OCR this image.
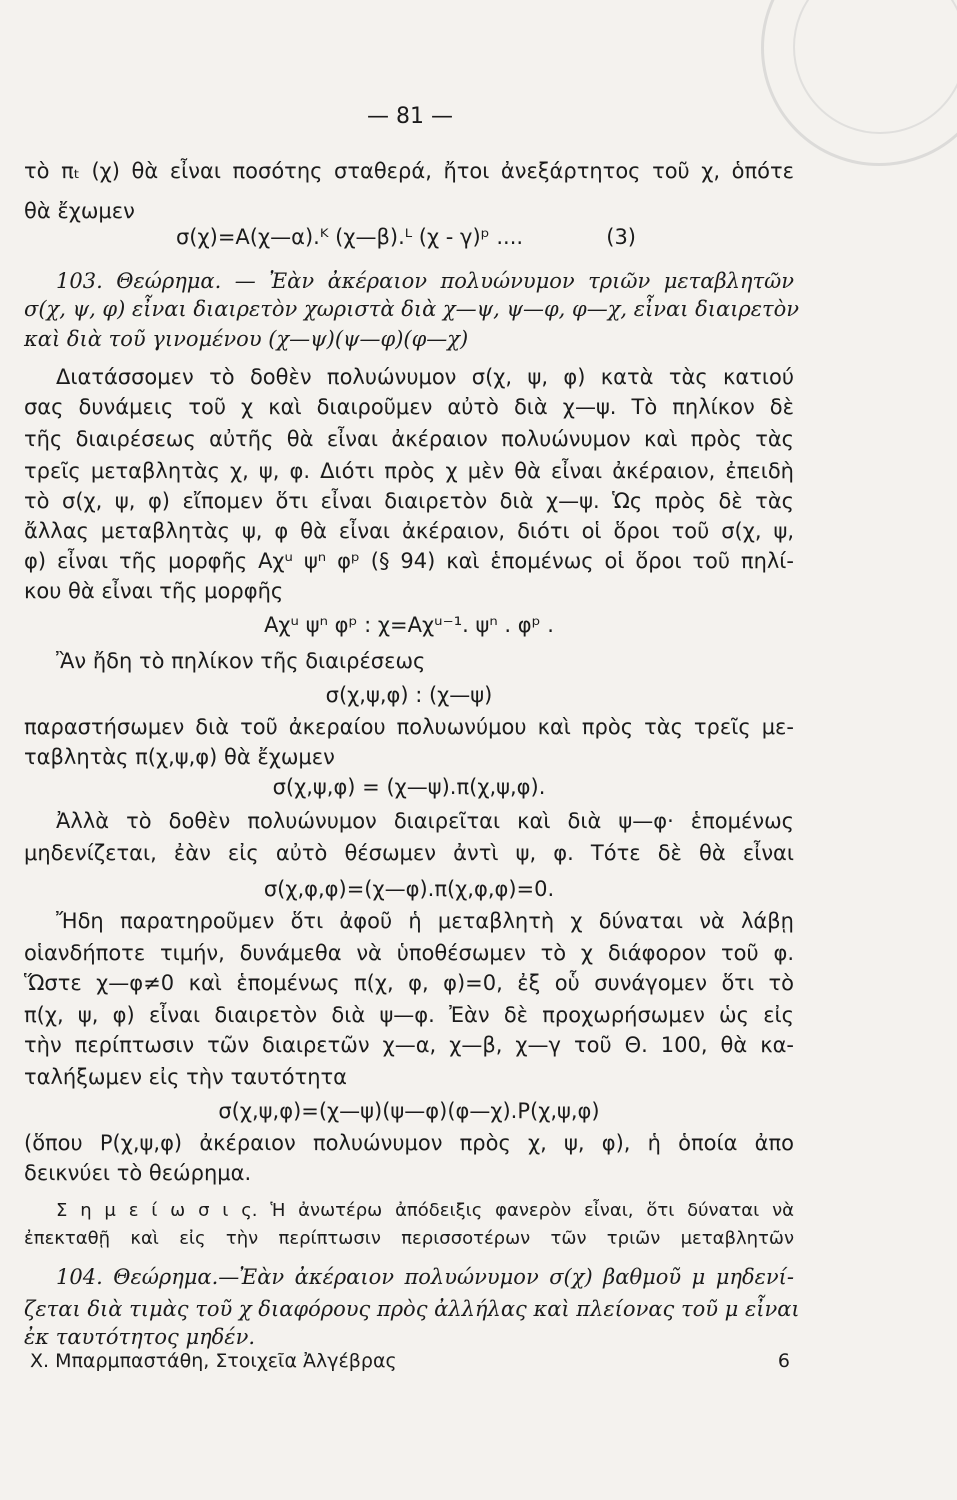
— 81 —
τὸ πₜ (χ) θὰ εἶναι ποσότης σταθερά, ἤτοι ἀνεξάρτητος τοῦ χ, ὁπότε
θὰ ἔχωμεν
σ(χ)=Α(χ—α).ᴷ (χ—β).ᴸ (χ - γ)ᵖ ....	(3)
103. Θεώρημα. — Ἐὰν ἀκέραιον πολυώνυμον τριῶν μεταβλητῶν
σ(χ, ψ, φ) εἶναι διαιρετὸν χωριστὰ διὰ χ—ψ, ψ—φ, φ—χ, εἶναι διαιρετὸν
καὶ διὰ τοῦ γινομένου (χ—ψ)(ψ—φ)(φ—χ)
Διατάσσομεν τὸ δοθὲν πολυώνυμον σ(χ, ψ, φ) κατὰ τὰς κατιού
σας δυνάμεις τοῦ χ καὶ διαιροῦμεν αὐτὸ διὰ χ—ψ. Τὸ πηλίκον δὲ
τῆς διαιρέσεως αὐτῆς θὰ εἶναι ἀκέραιον πολυώνυμον καὶ πρὸς τὰς
τρεῖς μεταβλητὰς χ, ψ, φ. Διότι πρὸς χ μὲν θὰ εἶναι ἀκέραιον, ἐπειδὴ
τὸ σ(χ, ψ, φ) εἴπομεν ὅτι εἶναι διαιρετὸν διὰ χ—ψ. Ὡς πρὸς δὲ τὰς
ἄλλας μεταβλητὰς ψ, φ θὰ εἶναι ἀκέραιον, διότι οἱ ὅροι τοῦ σ(χ, ψ,
φ) εἶναι τῆς μορφῆς Αχᵘ ψⁿ φᵖ (§ 94) καὶ ἑπομένως οἱ ὅροι τοῦ πηλί-
κου θὰ εἶναι τῆς μορφῆς
Αχᵘ ψⁿ φᵖ : χ=Αχᵘ⁻¹. ψⁿ . φᵖ .
Ἂν ἤδη τὸ πηλίκον τῆς διαιρέσεως
σ(χ,ψ,φ) : (χ—ψ)
παραστήσωμεν διὰ τοῦ ἀκεραίου πολυωνύμου καὶ πρὸς τὰς τρεῖς με-
ταβλητὰς π(χ,ψ,φ) θὰ ἔχωμεν
σ(χ,ψ,φ) = (χ—ψ).π(χ,ψ,φ).
Ἀλλὰ τὸ δοθὲν πολυώνυμον διαιρεῖται καὶ διὰ ψ—φ· ἑπομένως
μηδενίζεται, ἐὰν εἰς αὐτὸ θέσωμεν ἀντὶ ψ, φ. Τότε δὲ θὰ εἶναι
σ(χ,φ,φ)=(χ—φ).π(χ,φ,φ)=0.
Ἤδη παρατηροῦμεν ὅτι ἀφοῦ ἡ μεταβλητὴ χ δύναται νὰ λάβῃ
οἱανδήποτε τιμήν, δυνάμεθα νὰ ὑποθέσωμεν τὸ χ διάφορον τοῦ φ.
Ὥστε χ—φ≠0 καὶ ἑπομένως π(χ, φ, φ)=0, ἐξ οὗ συνάγομεν ὅτι τὸ
π(χ, ψ, φ) εἶναι διαιρετὸν διὰ ψ—φ. Ἐὰν δὲ προχωρήσωμεν ὡς εἰς
τὴν περίπτωσιν τῶν διαιρετῶν χ—α, χ—β, χ—γ τοῦ Θ. 100, θὰ κα-
ταλήξωμεν εἰς τὴν ταυτότητα
σ(χ,ψ,φ)=(χ—ψ)(ψ—φ)(φ—χ).Ρ(χ,ψ,φ)
(ὅπου Ρ(χ,ψ,φ) ἀκέραιον πολυώνυμον πρὸς χ, ψ, φ), ἡ ὁποία ἀπο
δεικνύει τὸ θεώρημα.
Σ η μ ε ί ω σ ι ς. Ἡ ἀνωτέρω ἀπόδειξις φανερὸν εἶναι, ὅτι δύναται νὰ
ἐπεκταθῇ καὶ εἰς τὴν περίπτωσιν περισσοτέρων τῶν τριῶν μεταβλητῶν
104. Θεώρημα.—Ἐὰν ἀκέραιον πολυώνυμον σ(χ) βαθμοῦ μ μηδενί-
ζεται διὰ τιμὰς τοῦ χ διαφόρους πρὸς ἀλλήλας καὶ πλείονας τοῦ μ εἶναι
ἐκ ταυτότητος μηδέν.
Χ. Μπαρμπαστάθη, Στοιχεῖα Ἀλγέβρας	6
